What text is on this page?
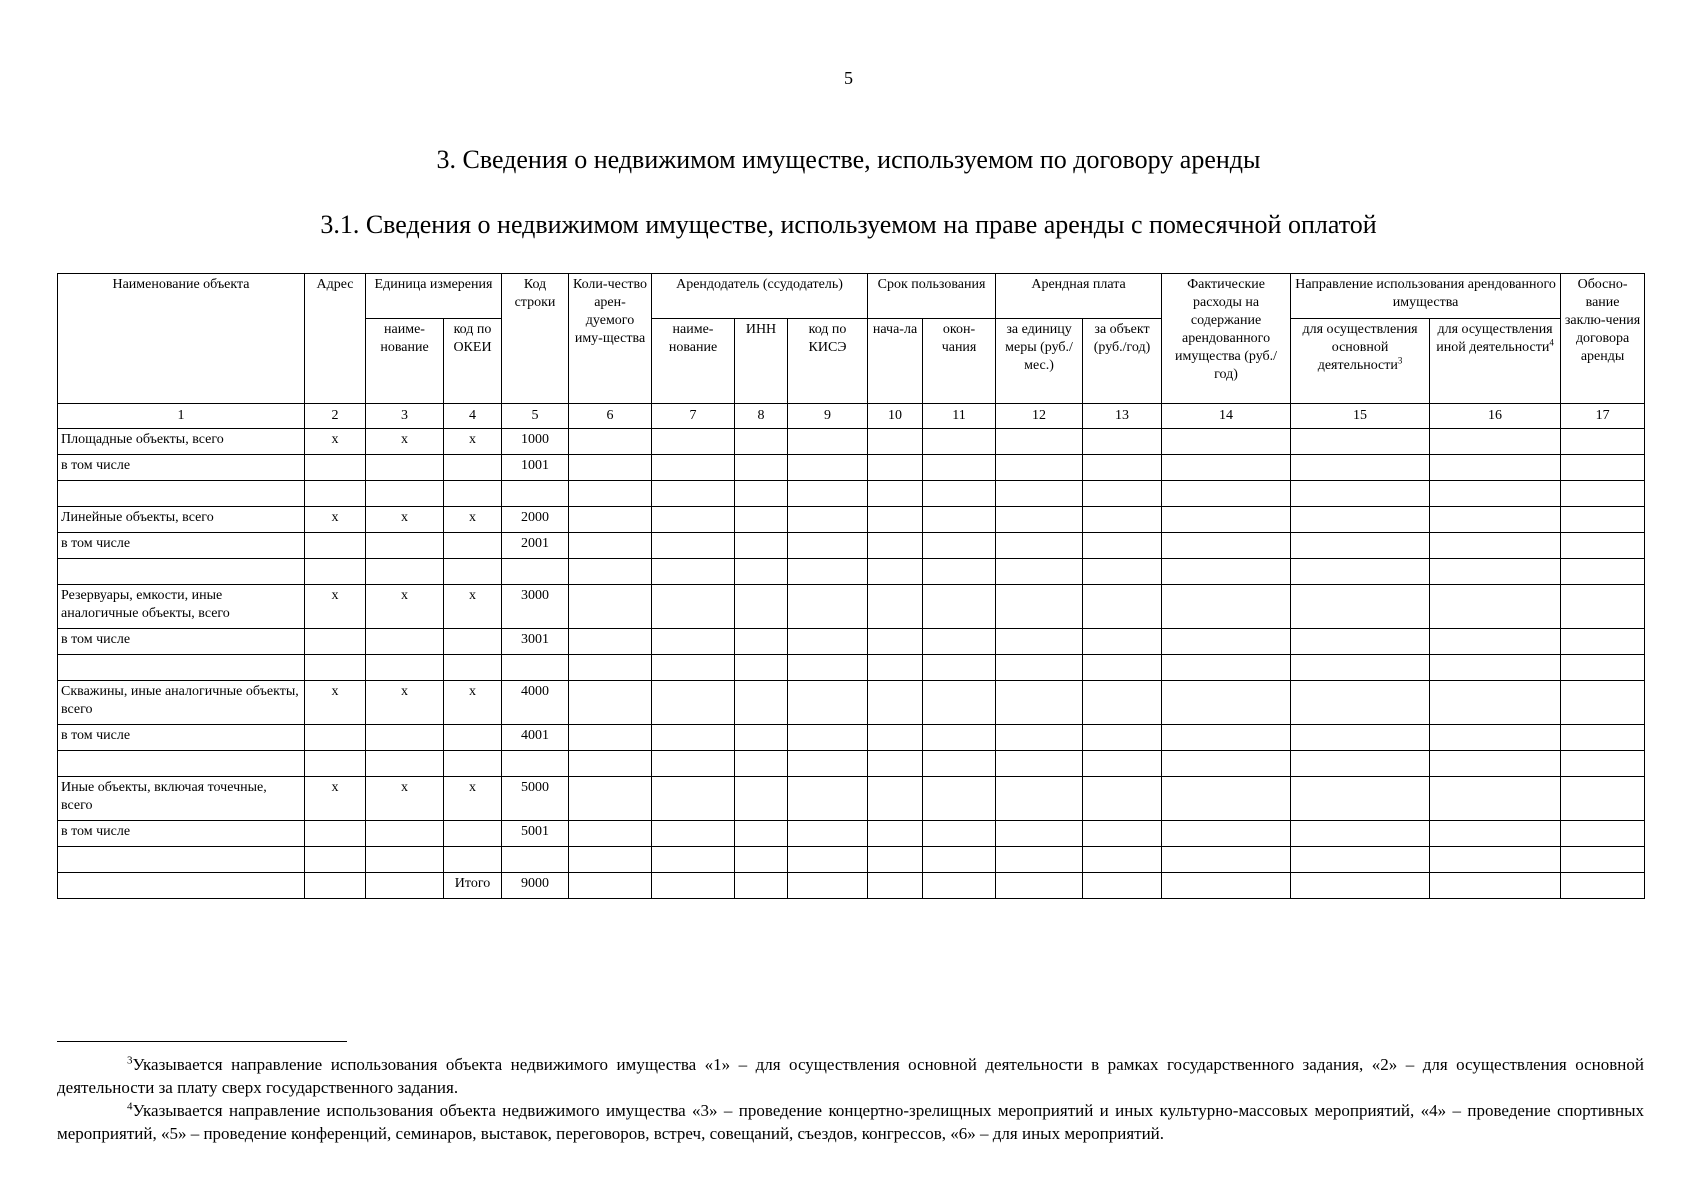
5
3. Сведения о недвижимом имуществе, используемом по договору аренды
3.1. Сведения о недвижимом имуществе, используемом на праве аренды с помесячной оплатой
Наименование объекта	Адрес	Единица измерения		Код строки	Коли-чество арен-дуемого иму-щества	Арендодатель (ссудодатель)			Срок пользования		Арендная плата		Фактические расходы на содержание арендованного имущества (руб./год)	Направление использования арендованного имущества		Обосно-вание заклю-чения договора аренды
		наиме-нование	код по ОКЕИ			наиме-нование	ИНН	код по КИСЭ	нача-ла	окон-чания	за единицу меры (руб./мес.)	за объект (руб./год)		для осуществления основной деятельности$^3$	для осуществления иной деятельности$^4$
1	2	3	4	5	6	7	8	9	10	11	12	13	14	15	16	17
Площадные объекты, всего	х	х	х	1000												
в том числе				1001												

Линейные объекты, всего	х	х	х	2000												
в том числе				2001												

Резервуары, емкости, иные аналогичные объекты, всего	х	х	х	3000												
в том числе				3001												

Скважины, иные аналогичные объекты, всего	х	х	х	4000												
в том числе				4001												

Иные объекты, включая точечные, всего	х	х	х	5000												
в том числе				5001												

			Итого	9000												

$^3$Указывается направление использования объекта недвижимого имущества «1» – для осуществления основной деятельности в рамках государственного задания, «2» – для осуществления основной деятельности за плату сверх государственного задания.

$^4$Указывается направление использования объекта недвижимого имущества «3» – проведение концертно-зрелищных мероприятий и иных культурно-массовых мероприятий, «4» – проведение спортивных мероприятий, «5» – проведение конференций, семинаров, выставок, переговоров, встреч, совещаний, съездов, конгрессов, «6» – для иных мероприятий.
